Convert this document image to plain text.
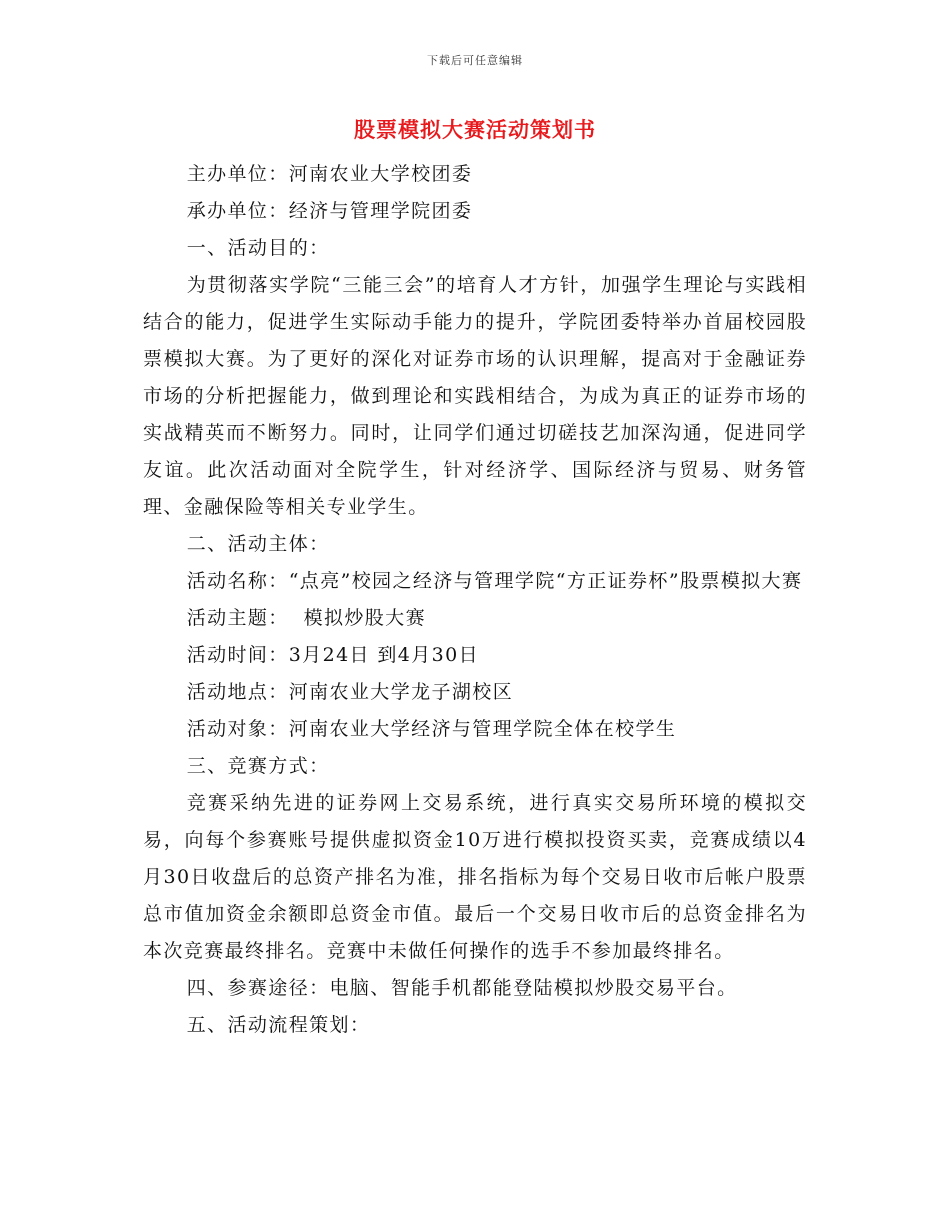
下载后可任意编辑
股票模拟大赛活动策划书

主办单位：河南农业大学校团委

承办单位：经济与管理学院团委

一、活动目的：

为贯彻落实学院“三能三会”的培育人才方针，加强学生理论与实践相结合的能力，促进学生实际动手能力的提升，学院团委特举办首届校园股票模拟大赛。为了更好的深化对证券市场的认识理解，提高对于金融证券市场的分析把握能力，做到理论和实践相结合，为成为真正的证券市场的实战精英而不断努力。同时，让同学们通过切磋技艺加深沟通，促进同学友谊。此次活动面对全院学生，针对经济学、国际经济与贸易、财务管理、金融保险等相关专业学生。

二、活动主体：

活动名称：“点亮”校园之经济与管理学院“方正证券杯”股票模拟大赛

活动主题：  模拟炒股大赛

活动时间：3月24日 到4月30日

活动地点：河南农业大学龙子湖校区

活动对象：河南农业大学经济与管理学院全体在校学生

三、竞赛方式：

竞赛采纳先进的证券网上交易系统，进行真实交易所环境的模拟交易，向每个参赛账号提供虚拟资金10万进行模拟投资买卖，竞赛成绩以4月30日收盘后的总资产排名为准，排名指标为每个交易日收市后帐户股票总市值加资金余额即总资金市值。最后一个交易日收市后的总资金排名为本次竞赛最终排名。竞赛中未做任何操作的选手不参加最终排名。

四、参赛途径：电脑、智能手机都能登陆模拟炒股交易平台。

五、活动流程策划：
